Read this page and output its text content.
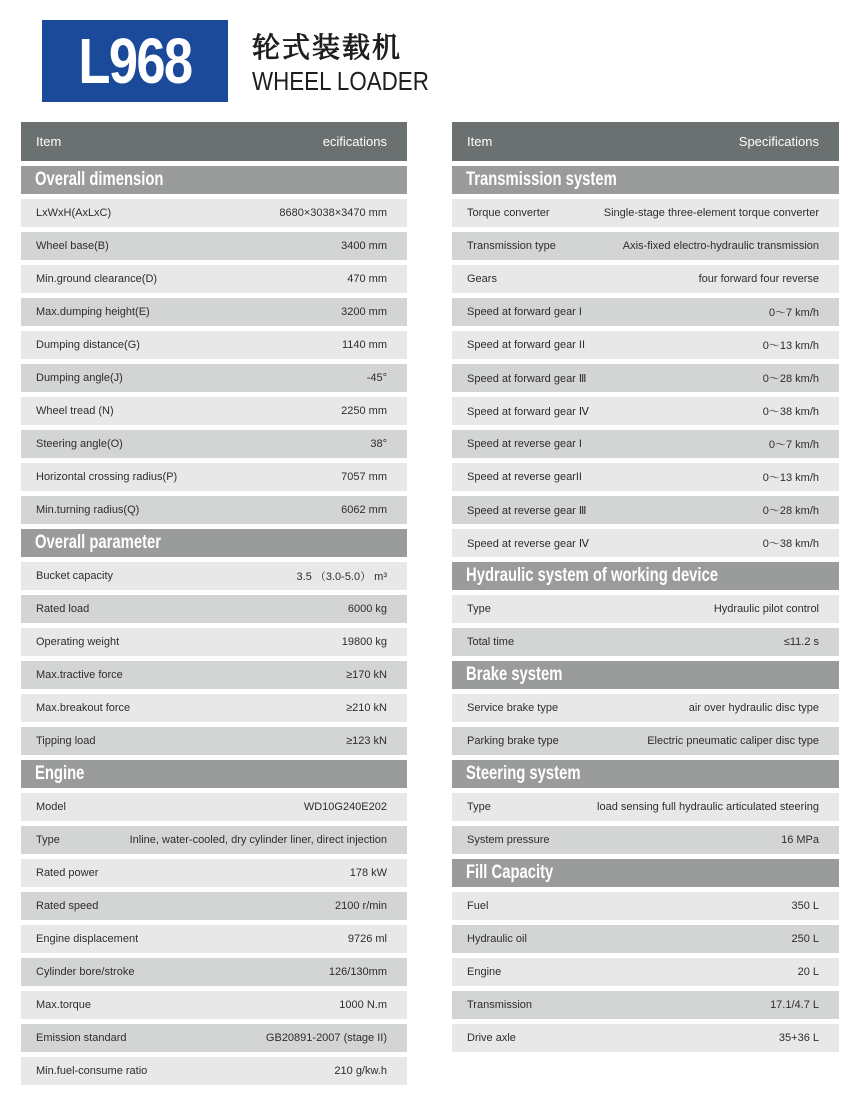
L968 轮式装载机
WHEEL LOADER
Item	ecifications
Overall dimension
LxWxH(AxLxC)	8680×3038×3470 mm
Wheel base(B)	3400 mm
Min.ground clearance(D)	470 mm
Max.dumping height(E)	3200 mm
Dumping distance(G)	1140 mm
Dumping angle(J)	-45°
Wheel tread (N)	2250 mm
Steering angle(O)	38°
Horizontal crossing radius(P)	7057 mm
Min.turning radius(Q)	6062 mm
Overall parameter
Bucket capacity	3.5 （3.0-5.0） m³
Rated load	6000 kg
Operating weight	19800 kg
Max.tractive force	≥170 kN
Max.breakout force	≥210 kN
Tipping load	≥123 kN
Engine
Model	WD10G240E202
Type	Inline, water-cooled, dry cylinder liner, direct injection
Rated power	178 kW
Rated speed	2100 r/min
Engine displacement	9726 ml
Cylinder bore/stroke	126/130mm
Max.torque	1000 N.m
Emission standard	GB20891-2007 (stage II)
Min.fuel-consume ratio	210 g/kw.h
Item	Specifications
Transmission system
Torque converter	Single-stage three-element torque converter
Transmission type	Axis-fixed electro-hydraulic transmission
Gears	four forward four reverse
Speed at forward gear I	0～7 km/h
Speed at forward gear II	0～13 km/h
Speed at forward gear Ⅲ	0～28 km/h
Speed at forward gear Ⅳ	0～38 km/h
Speed at reverse gear I	0～7 km/h
Speed at reverse gearII	0～13 km/h
Speed at reverse gear Ⅲ	0～28 km/h
Speed at reverse gear Ⅳ	0～38 km/h
Hydraulic system of working device
Type	Hydraulic pilot control
Total time	≤11.2 s
Brake system
Service brake type	air over hydraulic disc type
Parking brake type	Electric pneumatic caliper disc type
Steering system
Type	load sensing full hydraulic articulated steering
System pressure	16 MPa
Fill Capacity
Fuel	350 L
Hydraulic oil	250 L
Engine	20 L
Transmission	17.1/4.7 L
Drive axle	35+36 L
